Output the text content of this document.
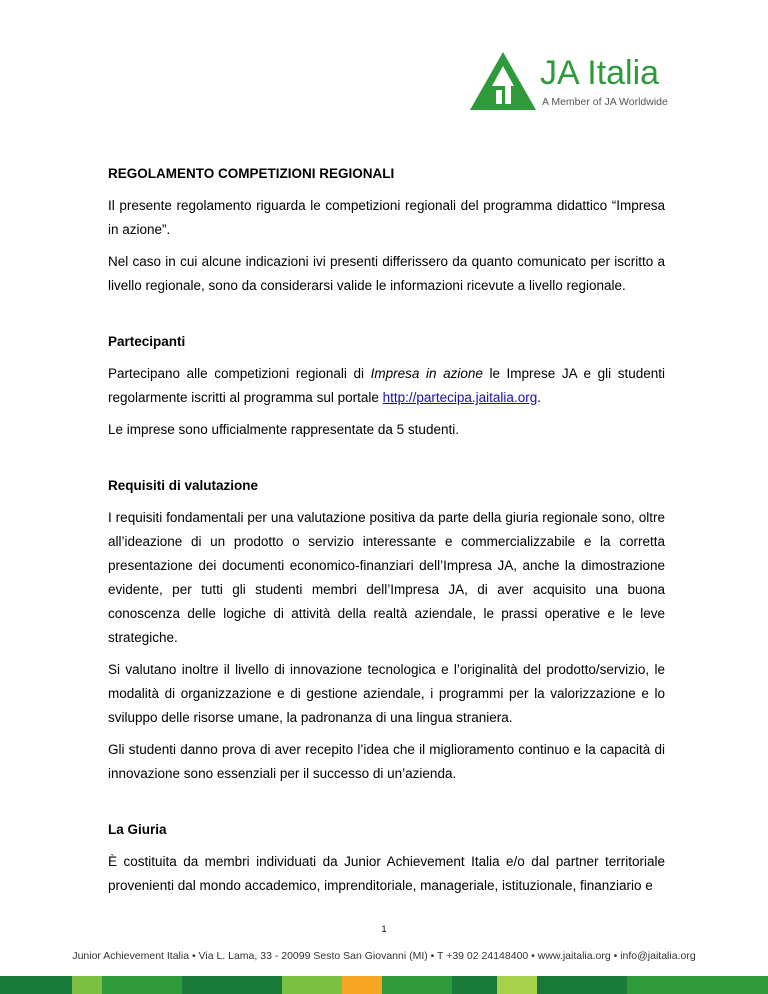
JA Italia
A Member of JA Worldwide
REGOLAMENTO COMPETIZIONI REGIONALI

Il presente regolamento riguarda le competizioni regionali del programma didattico “Impresa in azione”.

Nel caso in cui alcune indicazioni ivi presenti differissero da quanto comunicato per iscritto a livello regionale, sono da considerarsi valide le informazioni ricevute a livello regionale.

Partecipanti

Partecipano alle competizioni regionali di Impresa in azione le Imprese JA e gli studenti regolarmente iscritti al programma sul portale http://partecipa.jaitalia.org.

Le imprese sono ufficialmente rappresentate da 5 studenti.

Requisiti di valutazione

I requisiti fondamentali per una valutazione positiva da parte della giuria regionale sono, oltre all’ideazione di un prodotto o servizio interessante e commercializzabile e la corretta presentazione dei documenti economico-finanziari dell’Impresa JA, anche la dimostrazione evidente, per tutti gli studenti membri dell’Impresa JA, di aver acquisito una buona conoscenza delle logiche di attività della realtà aziendale, le prassi operative e le leve strategiche.

Si valutano inoltre il livello di innovazione tecnologica e l’originalità del prodotto/servizio, le modalità di organizzazione e di gestione aziendale, i programmi per la valorizzazione e lo sviluppo delle risorse umane, la padronanza di una lingua straniera.

Gli studenti danno prova di aver recepito l’idea che il miglioramento continuo e la capacità di innovazione sono essenziali per il successo di un’azienda.

La Giuria

È costituita da membri individuati da Junior Achievement Italia e/o dal partner territoriale provenienti dal mondo accademico, imprenditoriale, manageriale, istituzionale, finanziario e

1
Junior Achievement Italia • Via L. Lama, 33 - 20099 Sesto San Giovanni (MI) • T +39 02 24148400 • www.jaitalia.org • info@jaitalia.org
